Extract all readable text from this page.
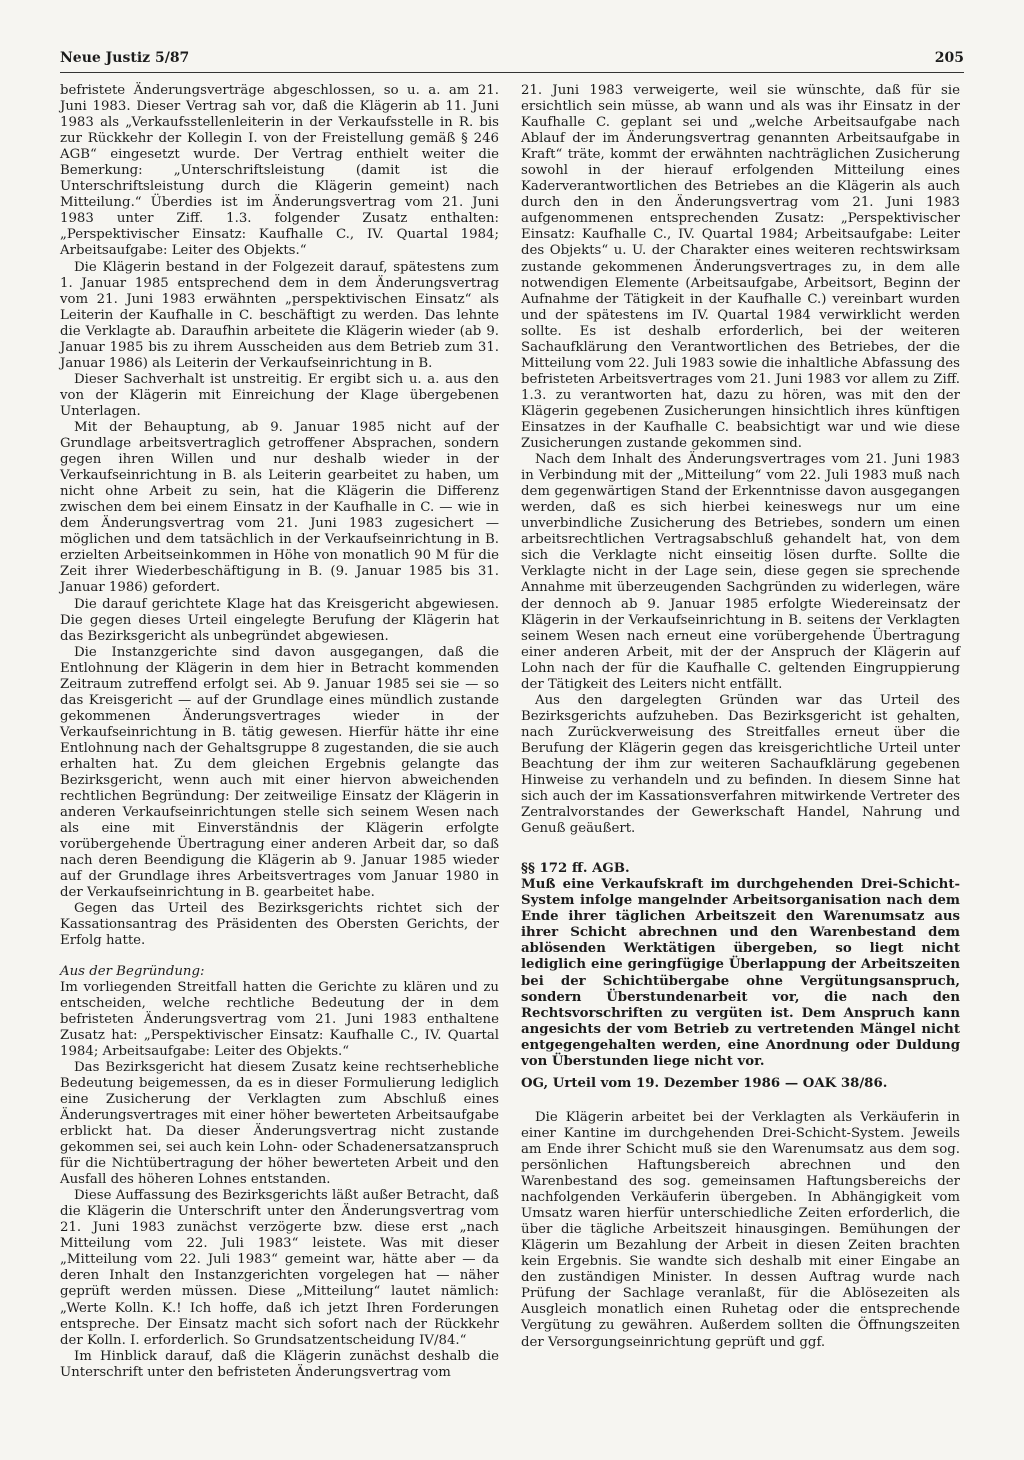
Neue Justiz 5/87	205

befristete Änderungsverträge abgeschlossen, so u. a. am 21. Juni 1983. Dieser Vertrag sah vor, daß die Klägerin ab 11. Juni 1983 als „Verkaufsstellenleiterin in der Verkaufsstelle in R. bis zur Rückkehr der Kollegin I. von der Freistellung gemäß § 246 AGB“ eingesetzt wurde. Der Vertrag enthielt weiter die Bemerkung: „Unterschriftsleistung (damit ist die Unterschriftsleistung durch die Klägerin gemeint) nach Mitteilung.“ Überdies ist im Änderungsvertrag vom 21. Juni 1983 unter Ziff. 1.3. folgender Zusatz enthalten: „Perspektivischer Einsatz: Kaufhalle C., IV. Quartal 1984; Arbeitsaufgabe: Leiter des Objekts.“

Die Klägerin bestand in der Folgezeit darauf, spätestens zum 1. Januar 1985 entsprechend dem in dem Änderungsvertrag vom 21. Juni 1983 erwähnten „perspektivischen Einsatz“ als Leiterin der Kaufhalle in C. beschäftigt zu werden. Das lehnte die Verklagte ab. Daraufhin arbeitete die Klägerin wieder (ab 9. Januar 1985 bis zu ihrem Ausscheiden aus dem Betrieb zum 31. Januar 1986) als Leiterin der Verkaufseinrichtung in B.

Dieser Sachverhalt ist unstreitig. Er ergibt sich u. a. aus den von der Klägerin mit Einreichung der Klage übergebenen Unterlagen.

Mit der Behauptung, ab 9. Januar 1985 nicht auf der Grundlage arbeitsvertraglich getroffener Absprachen, sondern gegen ihren Willen und nur deshalb wieder in der Verkaufseinrichtung in B. als Leiterin gearbeitet zu haben, um nicht ohne Arbeit zu sein, hat die Klägerin die Differenz zwischen dem bei einem Einsatz in der Kaufhalle in C. — wie in dem Änderungsvertrag vom 21. Juni 1983 zugesichert — möglichen und dem tatsächlich in der Verkaufseinrichtung in B. erzielten Arbeitseinkommen in Höhe von monatlich 90 M für die Zeit ihrer Wiederbeschäftigung in B. (9. Januar 1985 bis 31. Januar 1986) gefordert.

Die darauf gerichtete Klage hat das Kreisgericht abgewiesen. Die gegen dieses Urteil eingelegte Berufung der Klägerin hat das Bezirksgericht als unbegründet abgewiesen.

Die Instanzgerichte sind davon ausgegangen, daß die Entlohnung der Klägerin in dem hier in Betracht kommenden Zeitraum zutreffend erfolgt sei. Ab 9. Januar 1985 sei sie — so das Kreisgericht — auf der Grundlage eines mündlich zustande gekommenen Änderungsvertrages wieder in der Verkaufseinrichtung in B. tätig gewesen. Hierfür hätte ihr eine Entlohnung nach der Gehaltsgruppe 8 zugestanden, die sie auch erhalten hat. Zu dem gleichen Ergebnis gelangte das Bezirksgericht, wenn auch mit einer hiervon abweichenden rechtlichen Begründung: Der zeitweilige Einsatz der Klägerin in anderen Verkaufseinrichtungen stelle sich seinem Wesen nach als eine mit Einverständnis der Klägerin erfolgte vorübergehende Übertragung einer anderen Arbeit dar, so daß nach deren Beendigung die Klägerin ab 9. Januar 1985 wieder auf der Grundlage ihres Arbeitsvertrages vom Januar 1980 in der Verkaufseinrichtung in B. gearbeitet habe.

Gegen das Urteil des Bezirksgerichts richtet sich der Kassationsantrag des Präsidenten des Obersten Gerichts, der Erfolg hatte.

Aus der Begründung:

Im vorliegenden Streitfall hatten die Gerichte zu klären und zu entscheiden, welche rechtliche Bedeutung der in dem befristeten Änderungsvertrag vom 21. Juni 1983 enthaltene Zusatz hat: „Perspektivischer Einsatz: Kaufhalle C., IV. Quartal 1984; Arbeitsaufgabe: Leiter des Objekts.“

Das Bezirksgericht hat diesem Zusatz keine rechtserhebliche Bedeutung beigemessen, da es in dieser Formulierung lediglich eine Zusicherung der Verklagten zum Abschluß eines Änderungsvertrages mit einer höher bewerteten Arbeitsaufgabe erblickt hat. Da dieser Änderungsvertrag nicht zustande gekommen sei, sei auch kein Lohn- oder Schadenersatzanspruch für die Nichtübertragung der höher bewerteten Arbeit und den Ausfall des höheren Lohnes entstanden.

Diese Auffassung des Bezirksgerichts läßt außer Betracht, daß die Klägerin die Unterschrift unter den Änderungsvertrag vom 21. Juni 1983 zunächst verzögerte bzw. diese erst „nach Mitteilung vom 22. Juli 1983“ leistete. Was mit dieser „Mitteilung vom 22. Juli 1983“ gemeint war, hätte aber — da deren Inhalt den Instanzgerichten vorgelegen hat — näher geprüft werden müssen. Diese „Mitteilung“ lautet nämlich: „Werte Kolln. K.! Ich hoffe, daß ich jetzt Ihren Forderungen entspreche. Der Einsatz macht sich sofort nach der Rückkehr der Kolln. I. erforderlich. So Grundsatzentscheidung IV/84.“

Im Hinblick darauf, daß die Klägerin zunächst deshalb die Unterschrift unter den befristeten Änderungsvertrag vom

21. Juni 1983 verweigerte, weil sie wünschte, daß für sie ersichtlich sein müsse, ab wann und als was ihr Einsatz in der Kaufhalle C. geplant sei und „welche Arbeitsaufgabe nach Ablauf der im Änderungsvertrag genannten Arbeitsaufgabe in Kraft“ träte, kommt der erwähnten nachträglichen Zusicherung sowohl in der hierauf erfolgenden Mitteilung eines Kaderverantwortlichen des Betriebes an die Klägerin als auch durch den in den Änderungsvertrag vom 21. Juni 1983 aufgenommenen entsprechenden Zusatz: „Perspektivischer Einsatz: Kaufhalle C., IV. Quartal 1984; Arbeitsaufgabe: Leiter des Objekts“ u. U. der Charakter eines weiteren rechtswirksam zustande gekommenen Änderungsvertrages zu, in dem alle notwendigen Elemente (Arbeitsaufgabe, Arbeitsort, Beginn der Aufnahme der Tätigkeit in der Kaufhalle C.) vereinbart wurden und der spätestens im IV. Quartal 1984 verwirklicht werden sollte. Es ist deshalb erforderlich, bei der weiteren Sachaufklärung den Verantwortlichen des Betriebes, der die Mitteilung vom 22. Juli 1983 sowie die inhaltliche Abfassung des befristeten Arbeitsvertrages vom 21. Juni 1983 vor allem zu Ziff. 1.3. zu verantworten hat, dazu zu hören, was mit den der Klägerin gegebenen Zusicherungen hinsichtlich ihres künftigen Einsatzes in der Kaufhalle C. beabsichtigt war und wie diese Zusicherungen zustande gekommen sind.

Nach dem Inhalt des Änderungsvertrages vom 21. Juni 1983 in Verbindung mit der „Mitteilung“ vom 22. Juli 1983 muß nach dem gegenwärtigen Stand der Erkenntnisse davon ausgegangen werden, daß es sich hierbei keineswegs nur um eine unverbindliche Zusicherung des Betriebes, sondern um einen arbeitsrechtlichen Vertragsabschluß gehandelt hat, von dem sich die Verklagte nicht einseitig lösen durfte. Sollte die Verklagte nicht in der Lage sein, diese gegen sie sprechende Annahme mit überzeugenden Sachgründen zu widerlegen, wäre der dennoch ab 9. Januar 1985 erfolgte Wiedereinsatz der Klägerin in der Verkaufseinrichtung in B. seitens der Verklagten seinem Wesen nach erneut eine vorübergehende Übertragung einer anderen Arbeit, mit der der Anspruch der Klägerin auf Lohn nach der für die Kaufhalle C. geltenden Eingruppierung der Tätigkeit des Leiters nicht entfällt.

Aus den dargelegten Gründen war das Urteil des Bezirksgerichts aufzuheben. Das Bezirksgericht ist gehalten, nach Zurückverweisung des Streitfalles erneut über die Berufung der Klägerin gegen das kreisgerichtliche Urteil unter Beachtung der ihm zur weiteren Sachaufklärung gegebenen Hinweise zu verhandeln und zu befinden. In diesem Sinne hat sich auch der im Kassationsverfahren mitwirkende Vertreter des Zentralvorstandes der Gewerkschaft Handel, Nahrung und Genuß geäußert.

§§ 172 ff. AGB.

Muß eine Verkaufskraft im durchgehenden Drei-Schicht-System infolge mangelnder Arbeitsorganisation nach dem Ende ihrer täglichen Arbeitszeit den Warenumsatz aus ihrer Schicht abrechnen und den Warenbestand dem ablösenden Werktätigen übergeben, so liegt nicht lediglich eine geringfügige Überlappung der Arbeitszeiten bei der Schichtübergabe ohne Vergütungsanspruch, sondern Überstundenarbeit vor, die nach den Rechtsvorschriften zu vergüten ist. Dem Anspruch kann angesichts der vom Betrieb zu vertretenden Mängel nicht entgegengehalten werden, eine Anordnung oder Duldung von Überstunden liege nicht vor.

OG, Urteil vom 19. Dezember 1986 — OAK 38/86.

Die Klägerin arbeitet bei der Verklagten als Verkäuferin in einer Kantine im durchgehenden Drei-Schicht-System. Jeweils am Ende ihrer Schicht muß sie den Warenumsatz aus dem sog. persönlichen Haftungsbereich abrechnen und den Warenbestand des sog. gemeinsamen Haftungsbereichs der nachfolgenden Verkäuferin übergeben. In Abhängigkeit vom Umsatz waren hierfür unterschiedliche Zeiten erforderlich, die über die tägliche Arbeitszeit hinausgingen. Bemühungen der Klägerin um Bezahlung der Arbeit in diesen Zeiten brachten kein Ergebnis. Sie wandte sich deshalb mit einer Eingabe an den zuständigen Minister. In dessen Auftrag wurde nach Prüfung der Sachlage veranlaßt, für die Ablösezeiten als Ausgleich monatlich einen Ruhetag oder die entsprechende Vergütung zu gewähren. Außerdem sollten die Öffnungszeiten der Versorgungseinrichtung geprüft und ggf.
